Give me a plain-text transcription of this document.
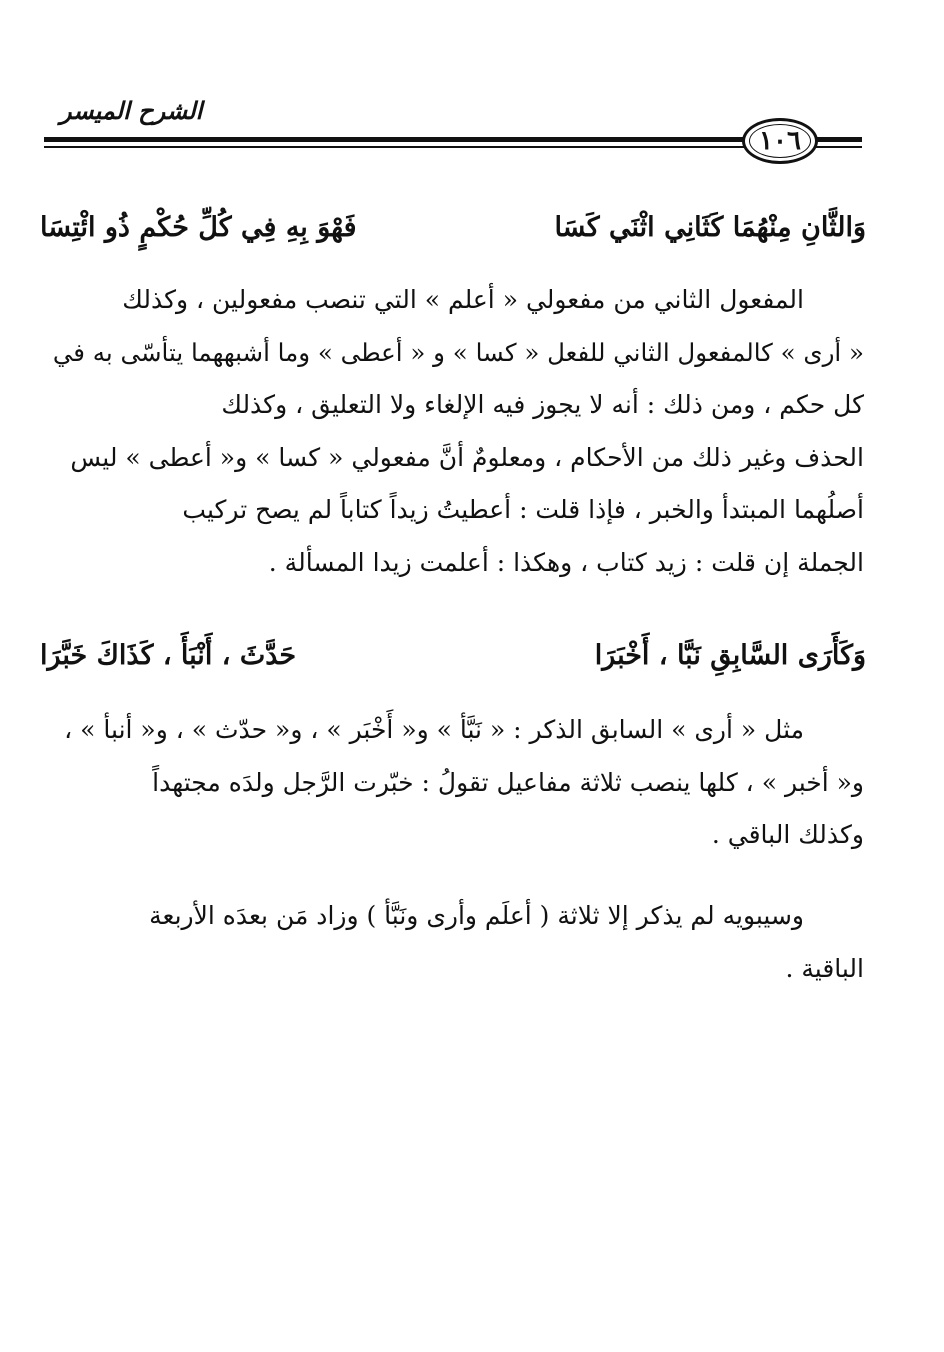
الشرح الميسر
١٠٦
وَالثَّانِ مِنْهُمَا كَثَانِي اثْنَي كَسَا
فَهْوَ بِهِ فِي كُلِّ حُكْمٍ ذُو ائْتِسَا
المفعول الثاني من مفعولي « أعلم » التي تنصب مفعولين ، وكذلك
« أرى » كالمفعول الثاني للفعل « كسا » و « أعطى » وما أشبههما يتأسّى به في
كل حكم ، ومن ذلك : أنه لا يجوز فيه الإلغاء ولا التعليق ، وكذلك
الحذف وغير ذلك من الأحكام ، ومعلومٌ أنَّ مفعولي « كسا » و« أعطى » ليس
أصلُهما المبتدأ والخبر ، فإذا قلت : أعطيتُ زيداً كتاباً لم يصح تركيب
الجملة إن قلت : زيد كتاب ، وهكذا : أعلمت زيدا المسألة .
وَكَأَرَى السَّابِقِ نَبَّا ، أَخْبَرَا
حَدَّثَ ، أَنْبَأَ ، كَذَاكَ خَبَّرَا
مثل « أرى » السابق الذكر : « نَبَّأ » و« أَخْبَر » ، و« حدّث » ، و« أنبأ » ،
و« أخبر » ، كلها ينصب ثلاثة مفاعيل تقولُ : خبّرت الرَّجل ولدَه مجتهداً
وكذلك الباقي .
وسيبويه لم يذكر إلا ثلاثة ( أعلَم وأرى ونَبَّأ ) وزاد مَن بعدَه الأربعة
الباقية .
